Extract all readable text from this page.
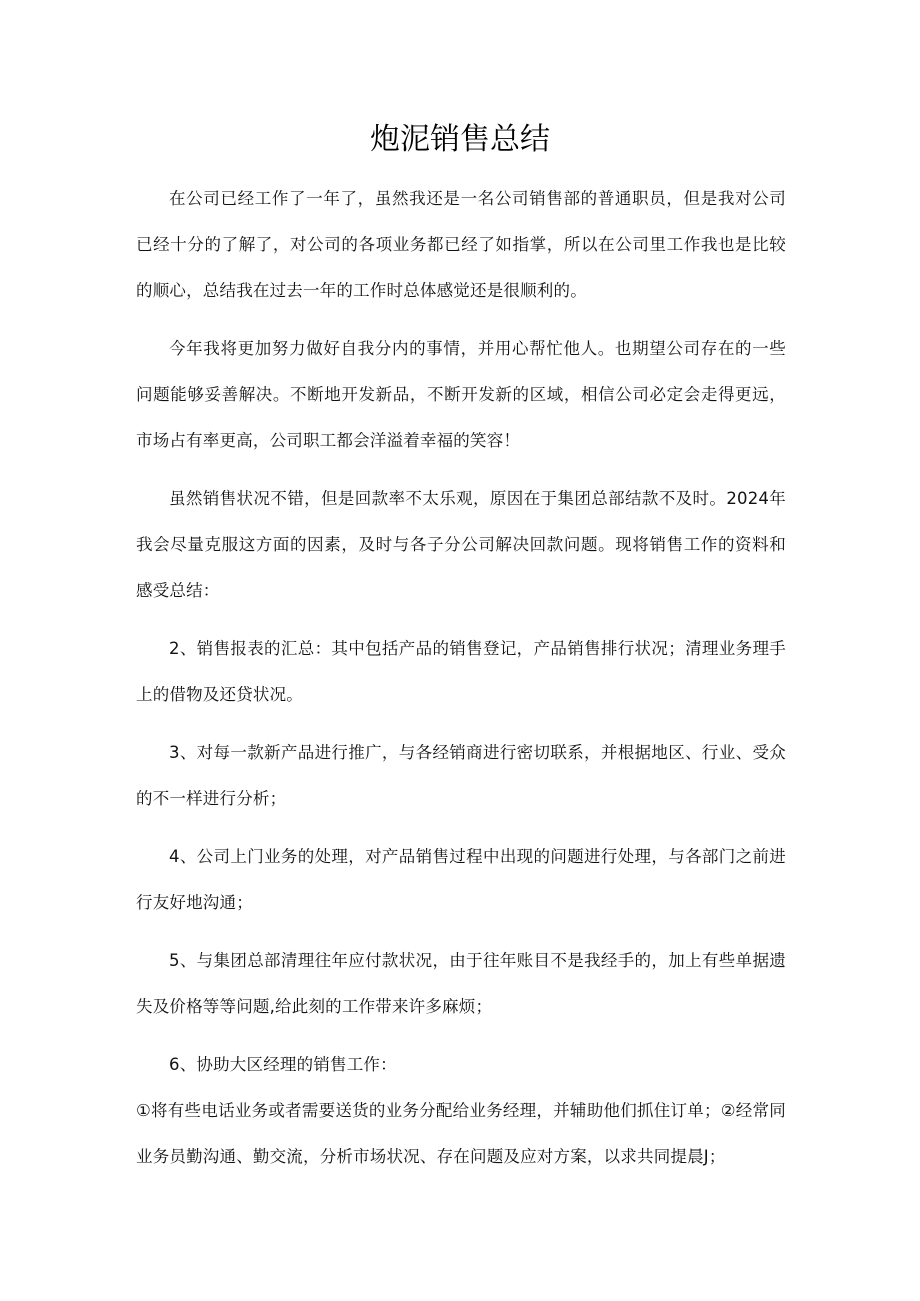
炮泥销售总结

在公司已经工作了一年了，虽然我还是一名公司销售部的普通职员，但是我对公司已经十分的了解了，对公司的各项业务都已经了如指掌，所以在公司里工作我也是比较的顺心，总结我在过去一年的工作时总体感觉还是很顺利的。

今年我将更加努力做好自我分内的事情，并用心帮忙他人。也期望公司存在的一些问题能够妥善解决。不断地开发新品，不断开发新的区域，相信公司必定会走得更远，市场占有率更高，公司职工都会洋溢着幸福的笑容！

虽然销售状况不错，但是回款率不太乐观，原因在于集团总部结款不及时。2024年我会尽量克服这方面的因素，及时与各子分公司解决回款问题。现将销售工作的资料和感受总结：

2、销售报表的汇总：其中包括产品的销售登记，产品销售排行状况；清理业务理手上的借物及还贷状况。

3、对每一款新产品进行推广，与各经销商进行密切联系，并根据地区、行业、受众的不一样进行分析；

4、公司上门业务的处理，对产品销售过程中出现的问题进行处理，与各部门之前进行友好地沟通；

5、与集团总部清理往年应付款状况，由于往年账目不是我经手的，加上有些单据遗失及价格等等问题,给此刻的工作带来许多麻烦；

6、协助大区经理的销售工作：

①将有些电话业务或者需要送货的业务分配给业务经理，并辅助他们抓住订单；②经常同业务员勤沟通、勤交流，分析市场状况、存在问题及应对方案，以求共同提晨J；
